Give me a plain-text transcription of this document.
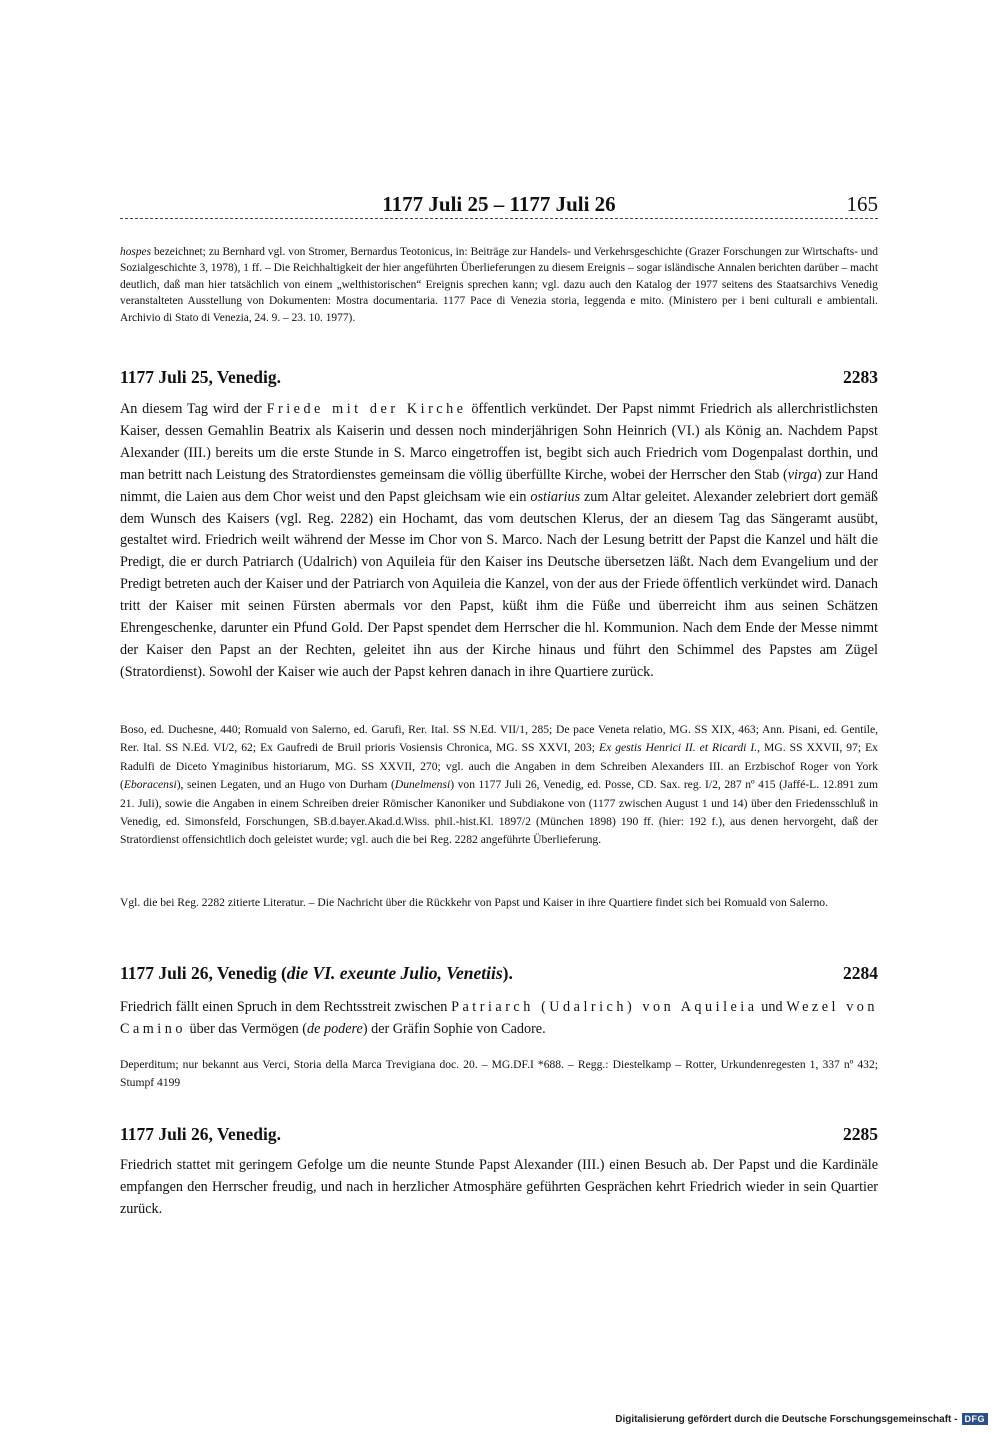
1177 Juli 25 – 1177 Juli 26	165
hospes bezeichnet; zu Bernhard vgl. von Stromer, Bernardus Teotonicus, in: Beiträge zur Handels- und Verkehrsgeschichte (Grazer Forschungen zur Wirtschafts- und Sozialgeschichte 3, 1978), 1 ff. – Die Reichhaltigkeit der hier angeführten Überlieferungen zu diesem Ereignis – sogar isländische Annalen berichten darüber – macht deutlich, daß man hier tatsächlich von einem „welthistorischen“ Ereignis sprechen kann; vgl. dazu auch den Katalog der 1977 seitens des Staatsarchivs Venedig veranstalteten Ausstellung von Dokumenten: Mostra documentaria. 1177 Pace di Venezia storia, leggenda e mito. (Ministero per i beni culturali e ambientali. Archivio di Stato di Venezia, 24. 9. – 23. 10. 1977).
1177 Juli 25, Venedig.	2283
An diesem Tag wird der Friede mit der Kirche öffentlich verkündet. Der Papst nimmt Friedrich als allerchristlichsten Kaiser, dessen Gemahlin Beatrix als Kaiserin und dessen noch minderjährigen Sohn Heinrich (VI.) als König an. Nachdem Papst Alexander (III.) bereits um die erste Stunde in S. Marco eingetroffen ist, begibt sich auch Friedrich vom Dogenpalast dorthin, und man betritt nach Leistung des Stratordienstes gemeinsam die völlig überfüllte Kirche, wobei der Herrscher den Stab (virga) zur Hand nimmt, die Laien aus dem Chor weist und den Papst gleichsam wie ein ostiarius zum Altar geleitet. Alexander zelebriert dort gemäß dem Wunsch des Kaisers (vgl. Reg. 2282) ein Hochamt, das vom deutschen Klerus, der an diesem Tag das Sängeramt ausübt, gestaltet wird. Friedrich weilt während der Messe im Chor von S. Marco. Nach der Lesung betritt der Papst die Kanzel und hält die Predigt, die er durch Patriarch (Udalrich) von Aquileia für den Kaiser ins Deutsche übersetzen läßt. Nach dem Evangelium und der Predigt betreten auch der Kaiser und der Patriarch von Aquileia die Kanzel, von der aus der Friede öffentlich verkündet wird. Danach tritt der Kaiser mit seinen Fürsten abermals vor den Papst, küßt ihm die Füße und überreicht ihm aus seinen Schätzen Ehrengeschenke, darunter ein Pfund Gold. Der Papst spendet dem Herrscher die hl. Kommunion. Nach dem Ende der Messe nimmt der Kaiser den Papst an der Rechten, geleitet ihn aus der Kirche hinaus und führt den Schimmel des Papstes am Zügel (Stratordienst). Sowohl der Kaiser wie auch der Papst kehren danach in ihre Quartiere zurück.
Boso, ed. Duchesne, 440; Romuald von Salerno, ed. Garufi, Rer. Ital. SS N.Ed. VII/1, 285; De pace Veneta relatio, MG. SS XIX, 463; Ann. Pisani, ed. Gentile, Rer. Ital. SS N.Ed. VI/2, 62; Ex Gaufredi de Bruil prioris Vosiensis Chronica, MG. SS XXVI, 203; Ex gestis Henrici II. et Ricardi I., MG. SS XXVII, 97; Ex Radulfi de Diceto Ymaginibus historiarum, MG. SS XXVII, 270; vgl. auch die Angaben in dem Schreiben Alexanders III. an Erzbischof Roger von York (Eboracensi), seinen Legaten, und an Hugo von Durham (Dunelmensi) von 1177 Juli 26, Venedig, ed. Posse, CD. Sax. reg. I/2, 287 nº 415 (Jaffé-L. 12.891 zum 21. Juli), sowie die Angaben in einem Schreiben dreier Römischer Kanoniker und Subdiakone von (1177 zwischen August 1 und 14) über den Friedensschluß in Venedig, ed. Simonsfeld, Forschungen, SB.d.bayer.Akad.d.Wiss. phil.-hist.Kl. 1897/2 (München 1898) 190 ff. (hier: 192 f.), aus denen hervorgeht, daß der Stratordienst offensichtlich doch geleistet wurde; vgl. auch die bei Reg. 2282 angeführte Überlieferung.
Vgl. die bei Reg. 2282 zitierte Literatur. – Die Nachricht über die Rückkehr von Papst und Kaiser in ihre Quartiere findet sich bei Romuald von Salerno.
1177 Juli 26, Venedig (die VI. exeunte Julio, Venetiis).	2284
Friedrich fällt einen Spruch in dem Rechtsstreit zwischen Patriarch (Udalrich) von Aquileia und Wezel von Camino über das Vermögen (de podere) der Gräfin Sophie von Cadore.
Deperditum; nur bekannt aus Verci, Storia della Marca Trevigiana doc. 20. – MG.DF.I *688. – Regg.: Diestelkamp – Rotter, Urkundenregesten 1, 337 nº 432; Stumpf 4199
1177 Juli 26, Venedig.	2285
Friedrich stattet mit geringem Gefolge um die neunte Stunde Papst Alexander (III.) einen Besuch ab. Der Papst und die Kardinäle empfangen den Herrscher freudig, und nach in herzlicher Atmosphäre geführten Gesprächen kehrt Friedrich wieder in sein Quartier zurück.
Digitalisierung gefördert durch die Deutsche Forschungsgemeinschaft - DFG
